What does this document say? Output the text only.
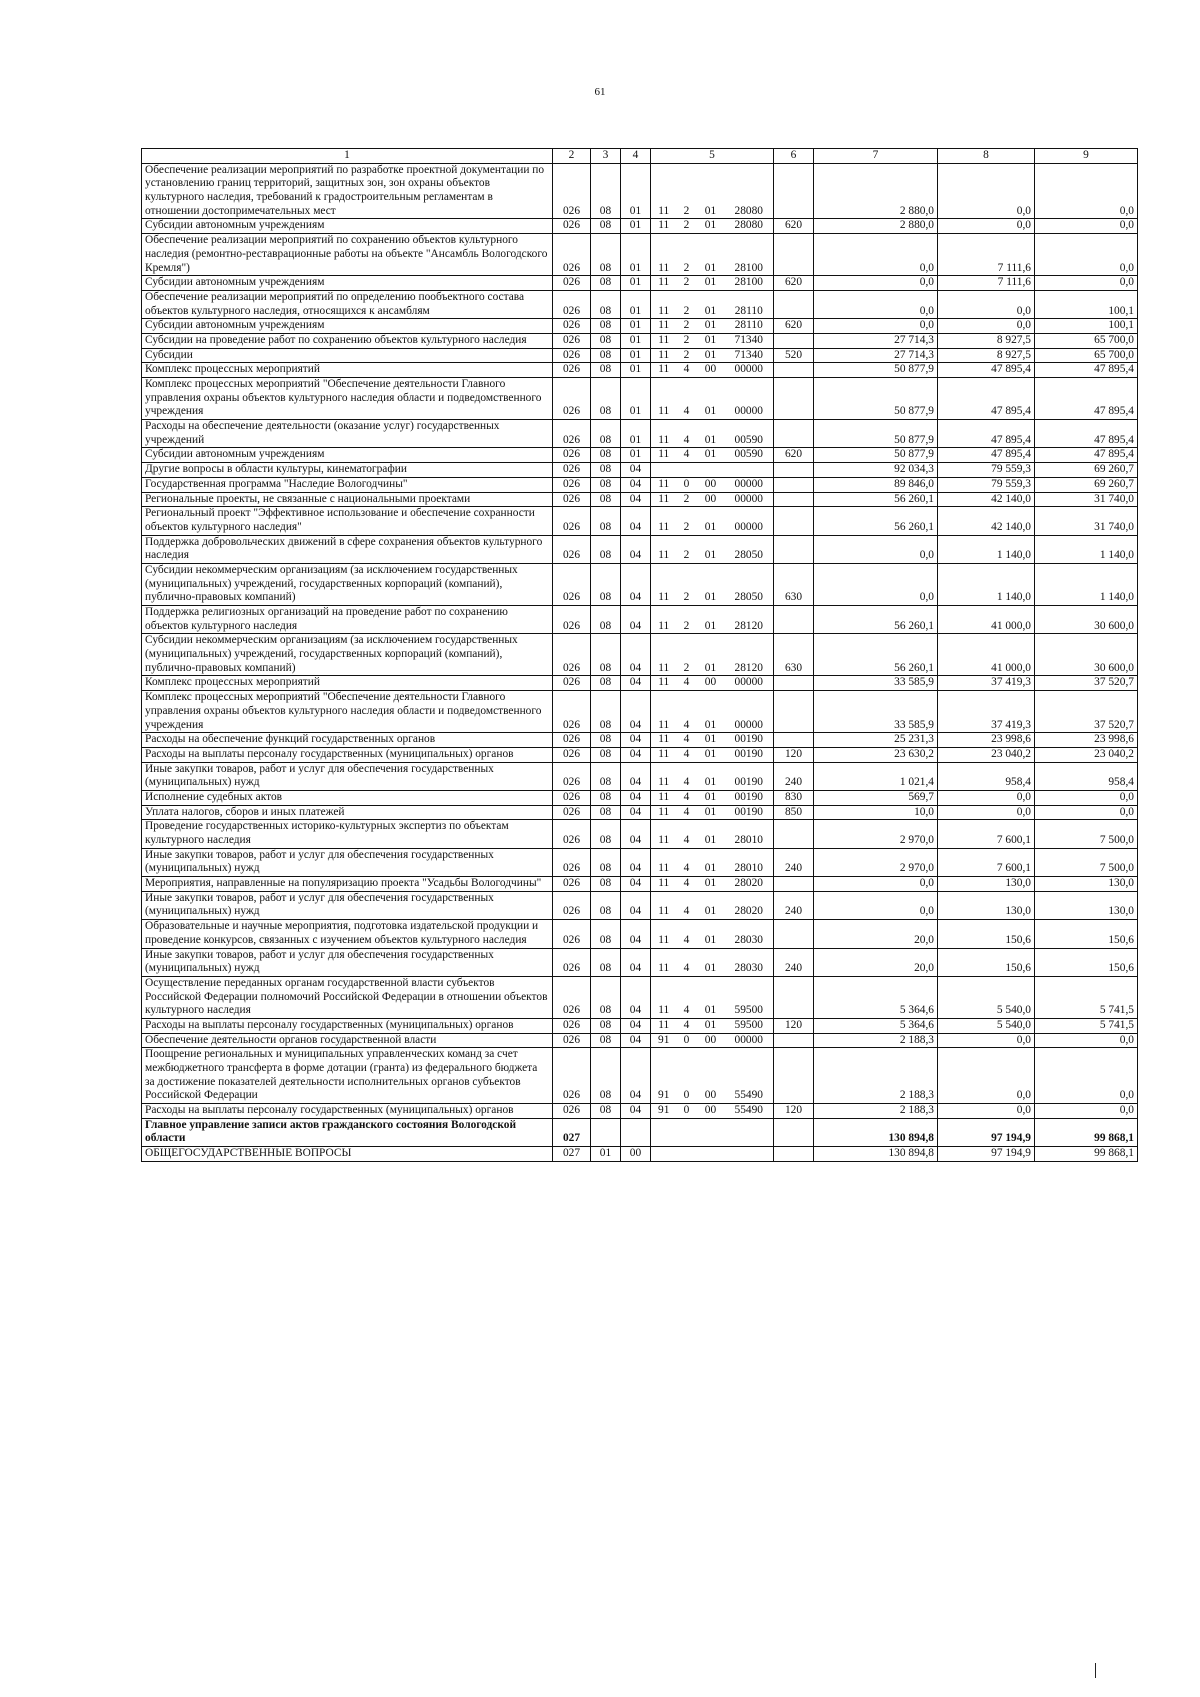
61
1	2	3	4	5				6	7	8	9
Обеспечение реализации мероприятий по разработке проектной документации по установлению границ территорий, защитных зон, зон охраны объектов культурного наследия, требований к градостроительным регламентам в отношении достопримечательных мест	026	08	01	11	2	01	28080		2 880,0	0,0	0,0
Субсидии автономным учреждениям	026	08	01	11	2	01	28080	620	2 880,0	0,0	0,0
Обеспечение реализации мероприятий по сохранению объектов культурного наследия (ремонтно-реставрационные работы на объекте "Ансамбль Вологодского Кремля")	026	08	01	11	2	01	28100		0,0	7 111,6	0,0
Субсидии автономным учреждениям	026	08	01	11	2	01	28100	620	0,0	7 111,6	0,0
Обеспечение реализации мероприятий по определению пообъектного состава объектов культурного наследия, относящихся к ансамблям	026	08	01	11	2	01	28110		0,0	0,0	100,1
Субсидии автономным учреждениям	026	08	01	11	2	01	28110	620	0,0	0,0	100,1
Субсидии на проведение работ по сохранению объектов культурного наследия	026	08	01	11	2	01	71340		27 714,3	8 927,5	65 700,0
Субсидии	026	08	01	11	2	01	71340	520	27 714,3	8 927,5	65 700,0
Комплекс процессных мероприятий	026	08	01	11	4	00	00000		50 877,9	47 895,4	47 895,4
Комплекс процессных мероприятий "Обеспечение деятельности Главного управления охраны объектов культурного наследия области и подведомственного учреждения	026	08	01	11	4	01	00000		50 877,9	47 895,4	47 895,4
Расходы на обеспечение деятельности (оказание услуг) государственных учреждений	026	08	01	11	4	01	00590		50 877,9	47 895,4	47 895,4
Субсидии автономным учреждениям	026	08	01	11	4	01	00590	620	50 877,9	47 895,4	47 895,4
Другие вопросы в области культуры, кинематографии	026	08	04						92 034,3	79 559,3	69 260,7
Государственная программа "Наследие Вологодчины"	026	08	04	11	0	00	00000		89 846,0	79 559,3	69 260,7
Региональные проекты, не связанные с национальными проектами	026	08	04	11	2	00	00000		56 260,1	42 140,0	31 740,0
Региональный проект "Эффективное использование и обеспечение сохранности объектов культурного наследия"	026	08	04	11	2	01	00000		56 260,1	42 140,0	31 740,0
Поддержка добровольческих движений в сфере сохранения объектов культурного наследия	026	08	04	11	2	01	28050		0,0	1 140,0	1 140,0
Субсидии некоммерческим организациям (за исключением государственных (муниципальных) учреждений, государственных корпораций (компаний), публично-правовых компаний)	026	08	04	11	2	01	28050	630	0,0	1 140,0	1 140,0
Поддержка религиозных организаций на проведение работ по сохранению объектов культурного наследия	026	08	04	11	2	01	28120		56 260,1	41 000,0	30 600,0
Субсидии некоммерческим организациям (за исключением государственных (муниципальных) учреждений, государственных корпораций (компаний), публично-правовых компаний)	026	08	04	11	2	01	28120	630	56 260,1	41 000,0	30 600,0
Комплекс процессных мероприятий	026	08	04	11	4	00	00000		33 585,9	37 419,3	37 520,7
Комплекс процессных мероприятий "Обеспечение деятельности Главного управления охраны объектов культурного наследия области и подведомственного учреждения	026	08	04	11	4	01	00000		33 585,9	37 419,3	37 520,7
Расходы на обеспечение функций государственных органов	026	08	04	11	4	01	00190		25 231,3	23 998,6	23 998,6
Расходы на выплаты персоналу государственных (муниципальных) органов	026	08	04	11	4	01	00190	120	23 630,2	23 040,2	23 040,2
Иные закупки товаров, работ и услуг для обеспечения государственных (муниципальных) нужд	026	08	04	11	4	01	00190	240	1 021,4	958,4	958,4
Исполнение судебных актов	026	08	04	11	4	01	00190	830	569,7	0,0	0,0
Уплата налогов, сборов и иных платежей	026	08	04	11	4	01	00190	850	10,0	0,0	0,0
Проведение государственных историко-культурных экспертиз по объектам культурного наследия	026	08	04	11	4	01	28010		2 970,0	7 600,1	7 500,0
Иные закупки товаров, работ и услуг для обеспечения государственных (муниципальных) нужд	026	08	04	11	4	01	28010	240	2 970,0	7 600,1	7 500,0
Мероприятия, направленные на популяризацию проекта "Усадьбы Вологодчины"	026	08	04	11	4	01	28020		0,0	130,0	130,0
Иные закупки товаров, работ и услуг для обеспечения государственных (муниципальных) нужд	026	08	04	11	4	01	28020	240	0,0	130,0	130,0
Образовательные и научные мероприятия, подготовка издательской продукции и проведение конкурсов, связанных с изучением объектов культурного наследия	026	08	04	11	4	01	28030		20,0	150,6	150,6
Иные закупки товаров, работ и услуг для обеспечения государственных (муниципальных) нужд	026	08	04	11	4	01	28030	240	20,0	150,6	150,6
Осуществление переданных органам государственной власти субъектов Российской Федерации полномочий Российской Федерации в отношении объектов культурного наследия	026	08	04	11	4	01	59500		5 364,6	5 540,0	5 741,5
Расходы на выплаты персоналу государственных (муниципальных) органов	026	08	04	11	4	01	59500	120	5 364,6	5 540,0	5 741,5
Обеспечение деятельности органов государственной власти	026	08	04	91	0	00	00000		2 188,3	0,0	0,0
Поощрение региональных и муниципальных управленческих команд за счет межбюджетного трансферта в форме дотации (гранта) из федерального бюджета за достижение показателей деятельности исполнительных органов субъектов Российской Федерации	026	08	04	91	0	00	55490		2 188,3	0,0	0,0
Расходы на выплаты персоналу государственных (муниципальных) органов	026	08	04	91	0	00	55490	120	2 188,3	0,0	0,0
Главное управление записи актов гражданского состояния Вологодской области	027								130 894,8	97 194,9	99 868,1
ОБЩЕГОСУДАРСТВЕННЫЕ ВОПРОСЫ	027	01	00						130 894,8	97 194,9	99 868,1
